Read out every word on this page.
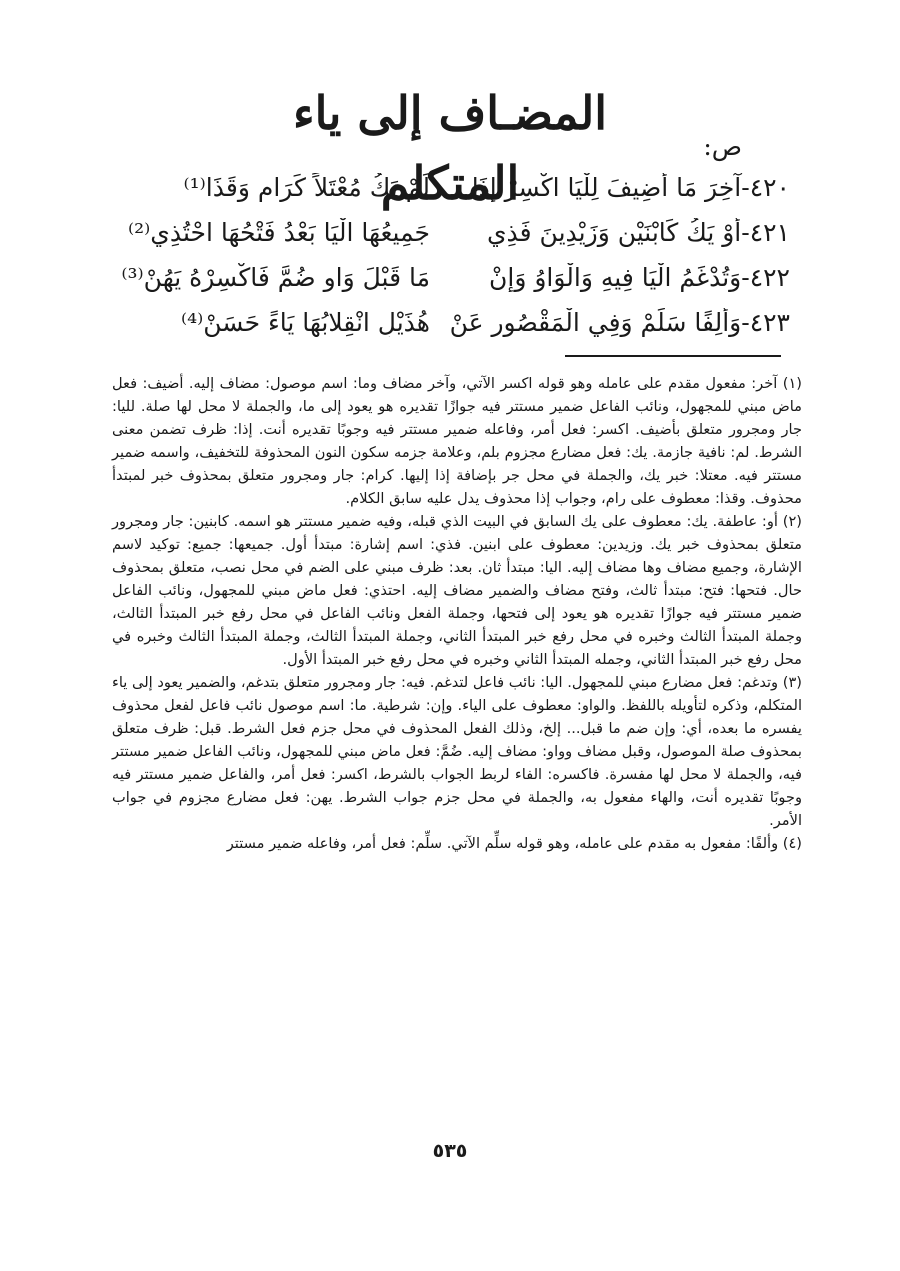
المضـاف إلى ياء المتكلم
ص:
٤٢٠-آخِرَ مَا أُضِيفَ لِلْيَا اكْسِرْ إِذَا
لَمْ يَكُ مُعْتَلاً كَرَامٍ وَقَذَا⁽¹⁾
٤٢١-أَوْ يَكُ كَابْنَيْنِ وَزَيْدِينَ فَذِي
جَمِيعُهَا الْيَا بَعْدُ فَتْحُهَا احْتُذِي⁽²⁾
٤٢٢-وَتُدْغَمُ الْيَا فِيهِ وَالْوَاوُ وَإِنْ
مَا قَبْلَ وَاوٍ ضُمَّ فَاكْسِرْهُ يَهُنْ⁽³⁾
٤٢٣-وَأَلِفًا سَلِّمْ وَفِي الْمَقْصُورِ عَنْ
هُذَيْلٍ انْقِلابُهَا يَاءً حَسَنْ⁽⁴⁾

(١) آخر: مفعول مقدم على عامله وهو قوله اكسر الآتي، وآخر مضاف وما: اسم موصول: مضاف إليه. أضيف: فعل ماض مبني للمجهول، ونائب الفاعل ضمير مستتر فيه جوازًا تقديره هو يعود إلى ما، والجملة لا محل لها صلة. لليا: جار ومجرور متعلق بأضيف. اكسر: فعل أمر، وفاعله ضمير مستتر فيه وجوبًا تقديره أنت. إذا: ظرف تضمن معنى الشرط. لم: نافية جازمة. يك: فعل مضارع مجزوم بلم، وعلامة جزمه سكون النون المحذوفة للتخفيف، واسمه ضمير مستتر فيه. معتلا: خبر يك، والجملة في محل جر بإضافة إذا إليها. كرام: جار ومجرور متعلق بمحذوف خبر لمبتدأ محذوف. وقذا: معطوف على رام، وجواب إذا محذوف يدل عليه سابق الكلام.

(٢) أو: عاطفة. يك: معطوف على يك السابق في البيت الذي قبله، وفيه ضمير مستتر هو اسمه. كابنين: جار ومجرور متعلق بمحذوف خبر يك. وزيدين: معطوف على ابنين. فذي: اسم إشارة: مبتدأ أول. جميعها: جميع: توكيد لاسم الإشارة، وجميع مضاف وها مضاف إليه. اليا: مبتدأ ثان. بعد: ظرف مبني على الضم في محل نصب، متعلق بمحذوف حال. فتحها: فتح: مبتدأ ثالث، وفتح مضاف والضمير مضاف إليه. احتذي: فعل ماض مبني للمجهول، ونائب الفاعل ضمير مستتر فيه جوازًا تقديره هو يعود إلى فتحها، وجملة الفعل ونائب الفاعل في محل رفع خبر المبتدأ الثالث، وجملة المبتدأ الثالث وخبره في محل رفع خبر المبتدأ الثاني، وجملة المبتدأ الثالث، وجملة المبتدأ الثالث وخبره في محل رفع خبر المبتدأ الثاني، وجمله المبتدأ الثاني وخبره في محل رفع خبر المبتدأ الأول.

(٣) وتدغم: فعل مضارع مبني للمجهول. اليا: نائب فاعل لتدغم. فيه: جار ومجرور متعلق بتدغم، والضمير يعود إلى ياء المتكلم، وذكره لتأويله باللفظ. والواو: معطوف على الياء. وإن: شرطية. ما: اسم موصول نائب فاعل لفعل محذوف يفسره ما بعده، أي: وإن ضم ما قبل... إلخ، وذلك الفعل المحذوف في محل جزم فعل الشرط. قبل: ظرف متعلق بمحذوف صلة الموصول، وقبل مضاف وواو: مضاف إليه. ضُمَّ: فعل ماض مبني للمجهول، ونائب الفاعل ضمير مستتر فيه، والجملة لا محل لها مفسرة. فاكسره: الفاء لربط الجواب بالشرط، اكسر: فعل أمر، والفاعل ضمير مستتر فيه وجوبًا تقديره أنت، والهاء مفعول به، والجملة في محل جزم جواب الشرط. يهن: فعل مضارع مجزوم في جواب الأمر.

(٤) وألفًا: مفعول به مقدم على عامله، وهو قوله سلِّم الآتي. سلِّم: فعل أمر، وفاعله ضمير مستتر

٥٣٥
